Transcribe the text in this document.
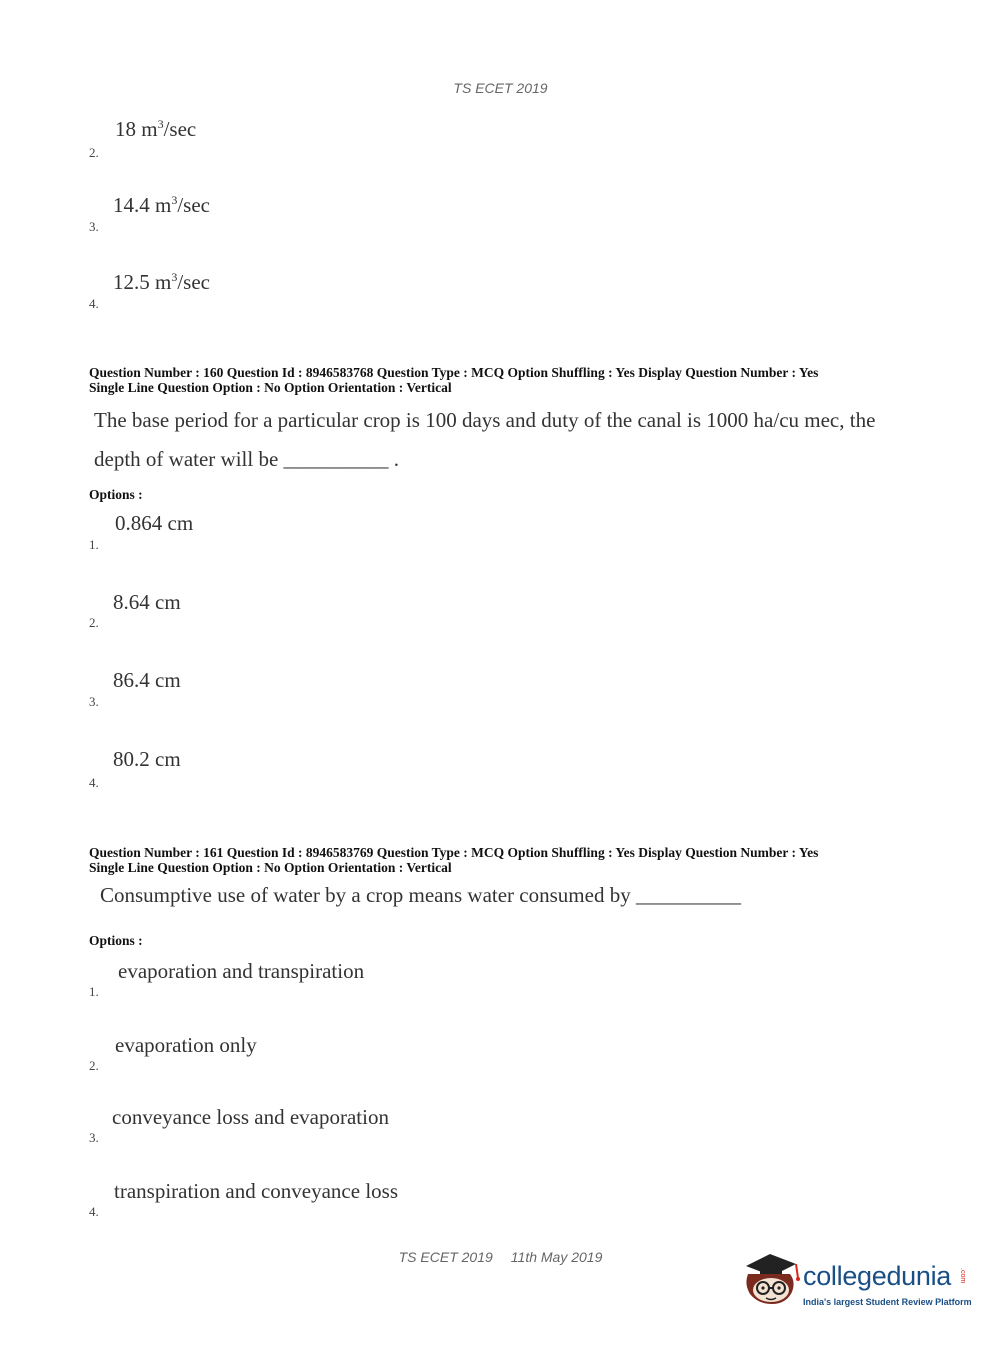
TS ECET 2019
18 $m^3/\sec$
2.
14.4 $m^3/\sec$
3.
12.5 $m^3/\sec$
4.
Question Number : 160 Question Id : 8946583768 Question Type : MCQ Option Shuffling : Yes Display Question Number : Yes
Single Line Question Option : No Option Orientation : Vertical
The base period for a particular crop is 100 days and duty of the canal is 1000 ha/cu mec, the
depth of water will be __________ .
Options :
0.864 cm
1.
8.64 cm
2.
86.4 cm
3.
80.2 cm
4.
Question Number : 161 Question Id : 8946583769 Question Type : MCQ Option Shuffling : Yes Display Question Number : Yes
Single Line Question Option : No Option Orientation : Vertical
Consumptive use of water by a crop means water consumed by __________
Options :
evaporation and transpiration
1.
evaporation only
2.
conveyance loss and evaporation
3.
transpiration and conveyance loss
4.
TS ECET 2019 11th May 2019
collegedunia .com
India's largest Student Review Platform
